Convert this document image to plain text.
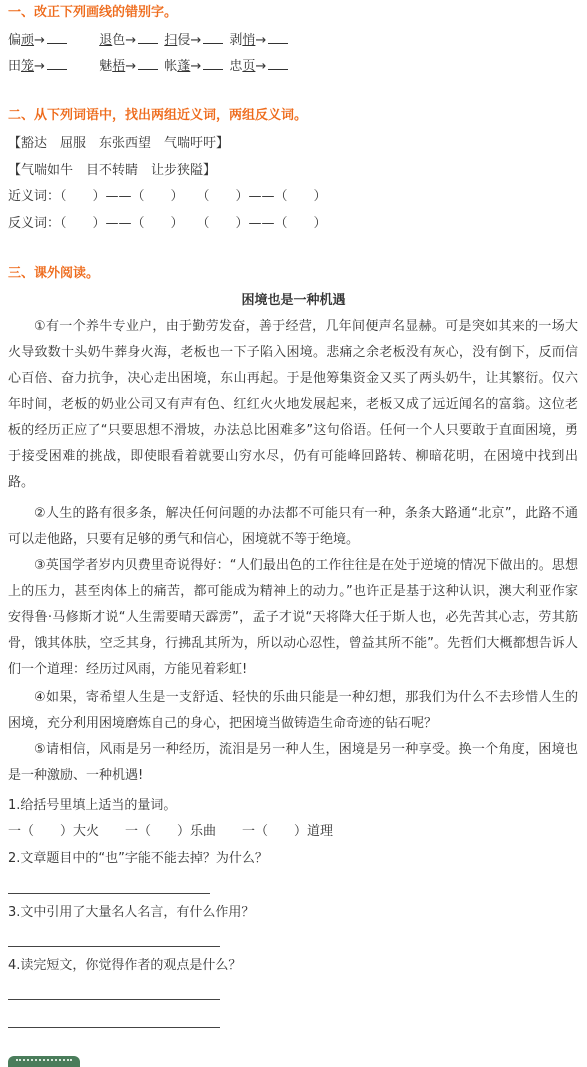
一、改正下列画线的错别字。
偏顽→	退色→ 扫侵→ 剥悄→
田笼→	魅梧→ 帐蓬→ 忠页→
二、从下列词语中，找出两组近义词，两组反义词。
【豁达　屈服　东张西望　气喘吁吁】
【气喘如牛　目不转睛　让步狭隘】
近义词：（　　）——（　　）　　（　　）——（　　）
反义词：（　　）——（　　）　　（　　）——（　　）
三、课外阅读。
困境也是一种机遇

①有一个养牛专业户，由于勤劳发奋，善于经营，几年间便声名显赫。可是突如其来的一场大火导致数十头奶牛葬身火海，老板也一下子陷入困境。悲痛之余老板没有灰心，没有倒下，反而信心百倍、奋力抗争，决心走出困境，东山再起。于是他筹集资金又买了两头奶牛，让其繁衍。仅六年时间，老板的奶业公司又有声有色、红红火火地发展起来，老板又成了远近闻名的富翁。这位老板的经历正应了“只要思想不滑坡，办法总比困难多”这句俗语。任何一个人只要敢于直面困境，勇于接受困难的挑战，即使眼看着就要山穷水尽，仍有可能峰回路转、柳暗花明，在困境中找到出路。

②人生的路有很多条，解决任何问题的办法都不可能只有一种，条条大路通“北京”，此路不通可以走他路，只要有足够的勇气和信心，困境就不等于绝境。

③英国学者岁内贝费里奇说得好：“人们最出色的工作往往是在处于逆境的情况下做出的。思想上的压力，甚至肉体上的痛苦，都可能成为精神上的动力。”也许正是基于这种认识，澳大利亚作家安得鲁·马修斯才说“人生需要晴天霹雳”，孟子才说“天将降大任于斯人也，必先苦其心志，劳其筋骨，饿其体肤，空乏其身，行拂乱其所为，所以动心忍性，曾益其所不能”。先哲们大概都想告诉人们一个道理：经历过风雨，方能见着彩虹!

④如果，寄希望人生是一支舒适、轻快的乐曲只能是一种幻想，那我们为什么不去珍惜人生的困境，充分利用困境磨炼自己的身心，把困境当做铸造生命奇迹的钻石呢？

⑤请相信，风雨是另一种经历，流泪是另一种人生，困境是另一种享受。换一个角度，困境也是一种激励、一种机遇!

1.给括号里填上适当的量词。
一（　　）大火　　一（　　）乐曲　　一（　　）道理
2.文章题目中的“也”字能不能去掉？为什么？
3.文中引用了大量名人名言，有什么作用？
4.读完短文，你觉得作者的观点是什么？
